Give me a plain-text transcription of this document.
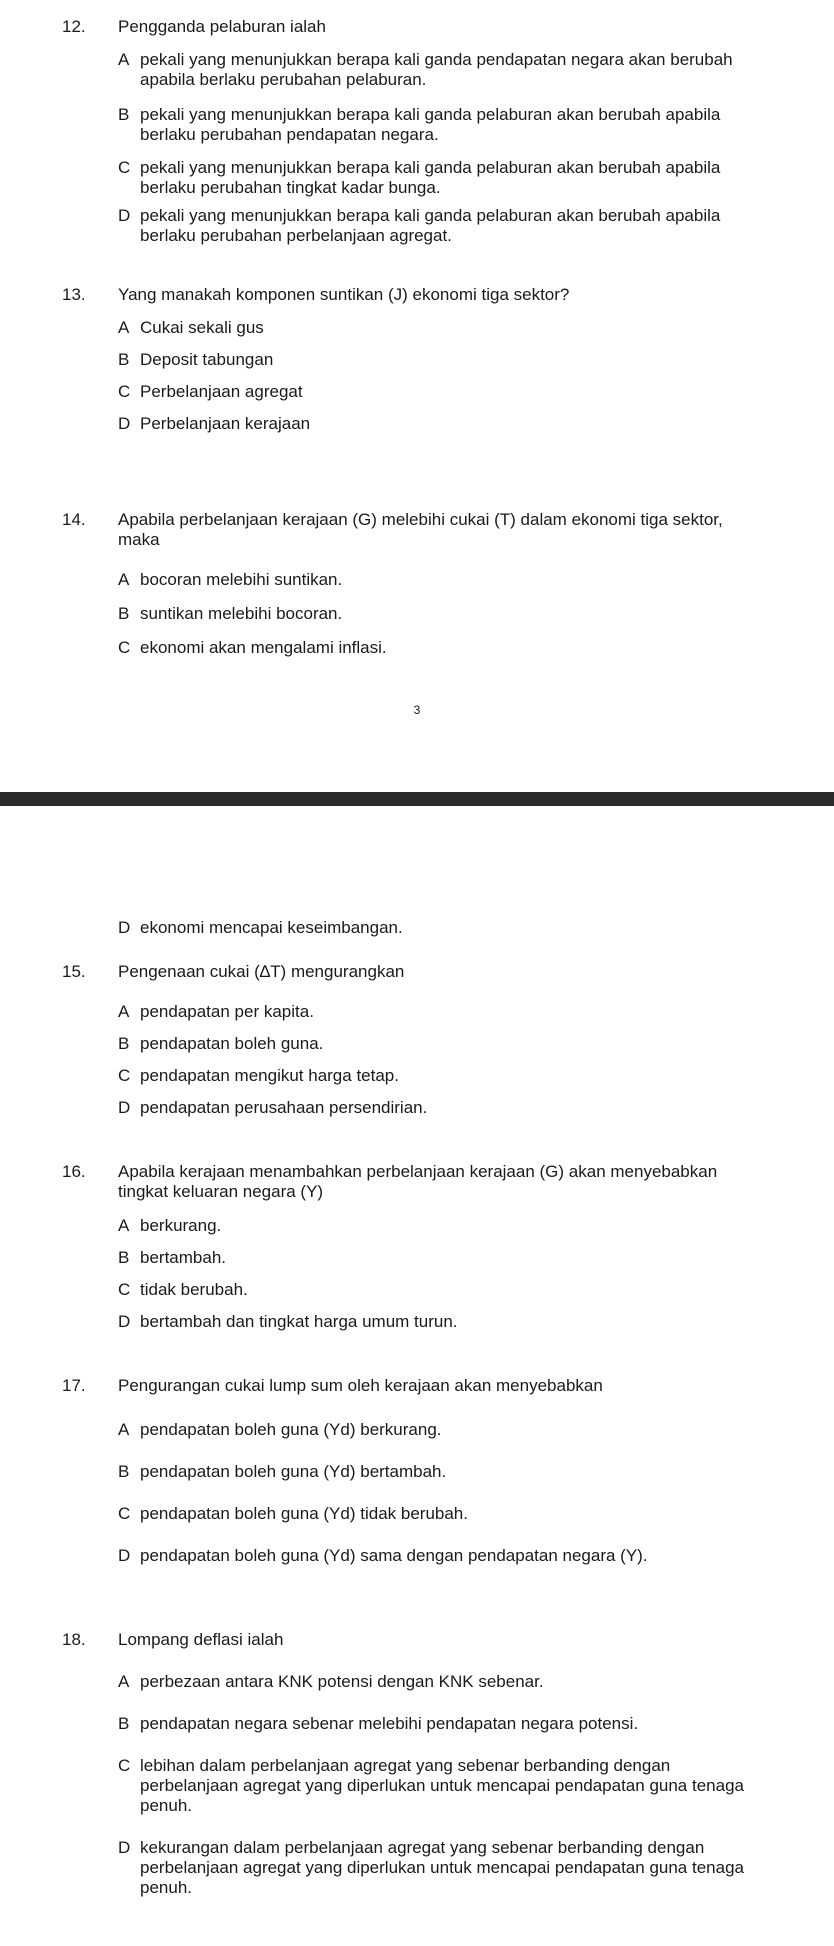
12. Pengganda pelaburan ialah
A pekali yang menunjukkan berapa kali ganda pendapatan negara akan berubah apabila berlaku perubahan pelaburan.
B pekali yang menunjukkan berapa kali ganda pelaburan akan berubah apabila berlaku perubahan pendapatan negara.
C pekali yang menunjukkan berapa kali ganda pelaburan akan berubah apabila berlaku perubahan tingkat kadar bunga.
D pekali yang menunjukkan berapa kali ganda pelaburan akan berubah apabila berlaku perubahan perbelanjaan agregat.
13. Yang manakah komponen suntikan (J) ekonomi tiga sektor?
A Cukai sekali gus
B Deposit tabungan
C Perbelanjaan agregat
D Perbelanjaan kerajaan
14. Apabila perbelanjaan kerajaan (G) melebihi cukai (T) dalam ekonomi tiga sektor, maka
A bocoran melebihi suntikan.
B suntikan melebihi bocoran.
C ekonomi akan mengalami inflasi.
3
D ekonomi mencapai keseimbangan.
15. Pengenaan cukai (∆T) mengurangkan
A pendapatan per kapita.
B pendapatan boleh guna.
C pendapatan mengikut harga tetap.
D pendapatan perusahaan persendirian.
16. Apabila kerajaan menambahkan perbelanjaan kerajaan (G) akan menyebabkan tingkat keluaran negara (Y)
A berkurang.
B bertambah.
C tidak berubah.
D bertambah dan tingkat harga umum turun.
17. Pengurangan cukai lump sum oleh kerajaan akan menyebabkan
A pendapatan boleh guna (Yd) berkurang.
B pendapatan boleh guna (Yd) bertambah.
C pendapatan boleh guna (Yd) tidak berubah.
D pendapatan boleh guna (Yd) sama dengan pendapatan negara (Y).
18. Lompang deflasi ialah
A perbezaan antara KNK potensi dengan KNK sebenar.
B pendapatan negara sebenar melebihi pendapatan negara potensi.
C lebihan dalam perbelanjaan agregat yang sebenar berbanding dengan perbelanjaan agregat yang diperlukan untuk mencapai pendapatan guna tenaga penuh.
D kekurangan dalam perbelanjaan agregat yang sebenar berbanding dengan perbelanjaan agregat yang diperlukan untuk mencapai pendapatan guna tenaga penuh.
